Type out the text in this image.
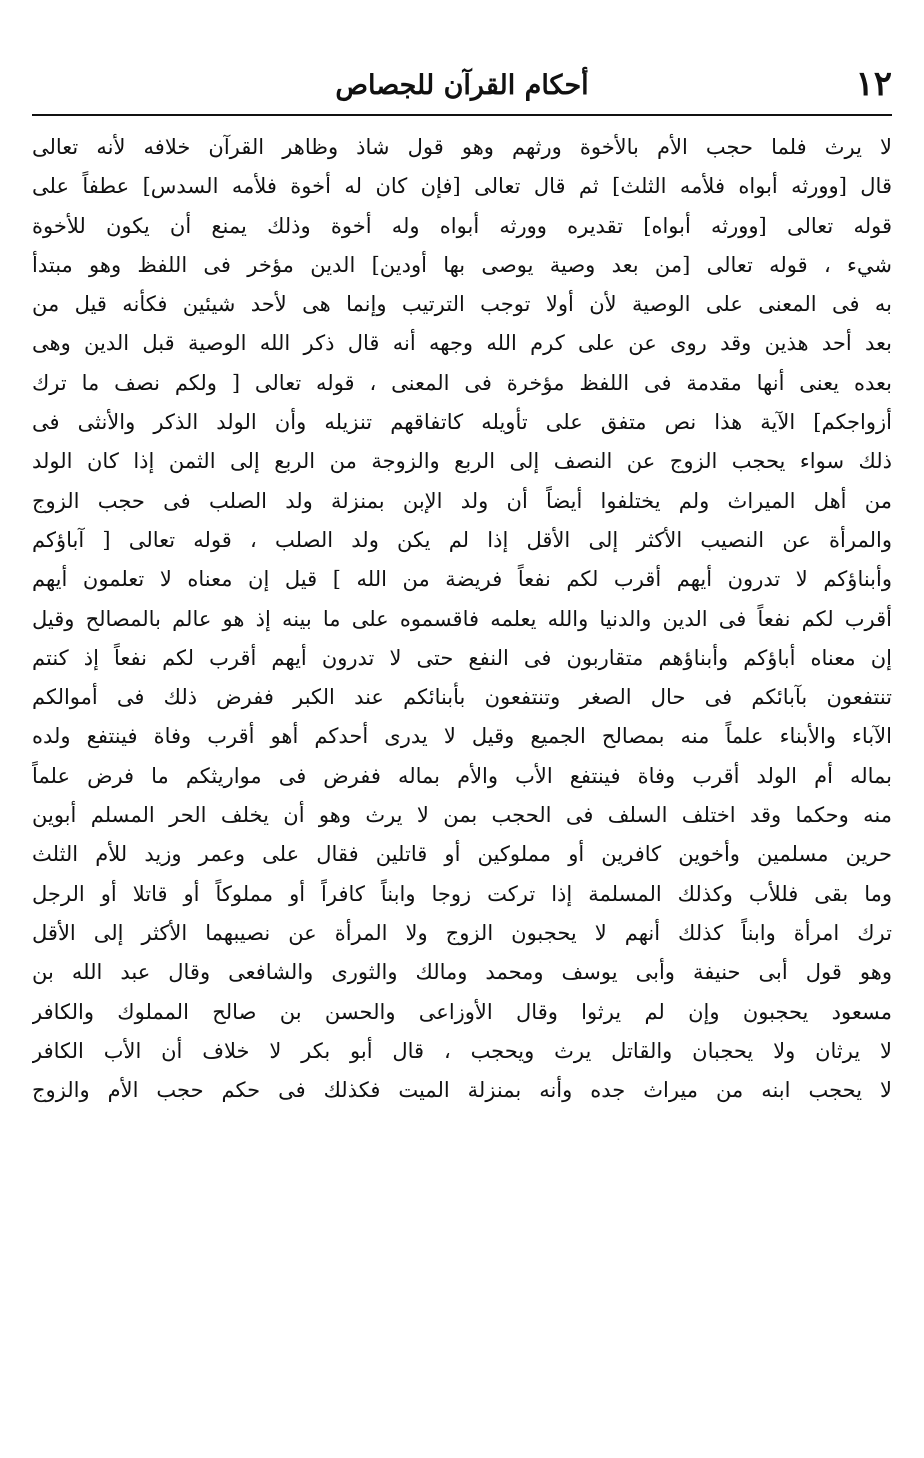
١٢
أحكام القرآن للجصاص
لا يرث فلما حجب الأم بالأخوة ورثهم وهو قول شاذ وظاهر القرآن خلافه لأنه تعالى
قال [وورثه أبواه فلأمه الثلث] ثم قال تعالى [فإن كان له أخوة فلأمه السدس] عطفاً على
قوله تعالى [وورثه أبواه] تقديره وورثه أبواه وله أخوة وذلك يمنع أن يكون للأخوة
شيء ، قوله تعالى [من بعد وصية يوصى بها أودين] الدين مؤخر فى اللفظ وهو مبتدأ
به فى المعنى على الوصية لأن أولا توجب الترتيب وإنما هى لأحد شيئين فكأنه قيل من
بعد أحد هذين وقد روى عن على كرم الله وجهه أنه قال ذكر الله الوصية قبل الدين وهى
بعده يعنى أنها مقدمة فى اللفظ مؤخرة فى المعنى ، قوله تعالى [ ولكم نصف ما ترك
أزواجكم] الآية هذا نص متفق على تأويله كاتفاقهم تنزيله وأن الولد الذكر والأنثى فى
ذلك سواء يحجب الزوج عن النصف إلى الربع والزوجة من الربع إلى الثمن إذا كان الولد
من أهل الميراث ولم يختلفوا أيضاً أن ولد الإبن بمنزلة ولد الصلب فى حجب الزوج
والمرأة عن النصيب الأكثر إلى الأقل إذا لم يكن ولد الصلب ، قوله تعالى [ آباؤكم
وأبناؤكم لا تدرون أيهم أقرب لكم نفعاً فريضة من الله ] قيل إن معناه لا تعلمون أيهم
أقرب لكم نفعاً فى الدين والدنيا والله يعلمه فاقسموه على ما بينه إذ هو عالم بالمصالح وقيل
إن معناه أباؤكم وأبناؤهم متقاربون فى النفع حتى لا تدرون أيهم أقرب لكم نفعاً إذ كنتم
تنتفعون بآبائكم فى حال الصغر وتنتفعون بأبنائكم عند الكبر ففرض ذلك فى أموالكم
الآباء والأبناء علماً منه بمصالح الجميع وقيل لا يدرى أحدكم أهو أقرب وفاة فينتفع ولده
بماله أم الولد أقرب وفاة فينتفع الأب والأم بماله ففرض فى مواريثكم ما فرض علماً
منه وحكما وقد اختلف السلف فى الحجب بمن لا يرث وهو أن يخلف الحر المسلم أبوين
حرين مسلمين وأخوين كافرين أو مملوكين أو قاتلين فقال على وعمر وزيد للأم الثلث
وما بقى فللأب وكذلك المسلمة إذا تركت زوجا وابناً كافراً أو مملوكاً أو قاتلا أو الرجل
ترك امرأة وابناً كذلك أنهم لا يحجبون الزوج ولا المرأة عن نصيبهما الأكثر إلى الأقل
وهو قول أبى حنيفة وأبى يوسف ومحمد ومالك والثورى والشافعى وقال عبد الله بن
مسعود يحجبون وإن لم يرثوا وقال الأوزاعى والحسن بن صالح المملوك والكافر
لا يرثان ولا يحجبان والقاتل يرث ويحجب ، قال أبو بكر لا خلاف أن الأب الكافر
لا يحجب ابنه من ميراث جده وأنه بمنزلة الميت فكذلك فى حكم حجب الأم والزوج
